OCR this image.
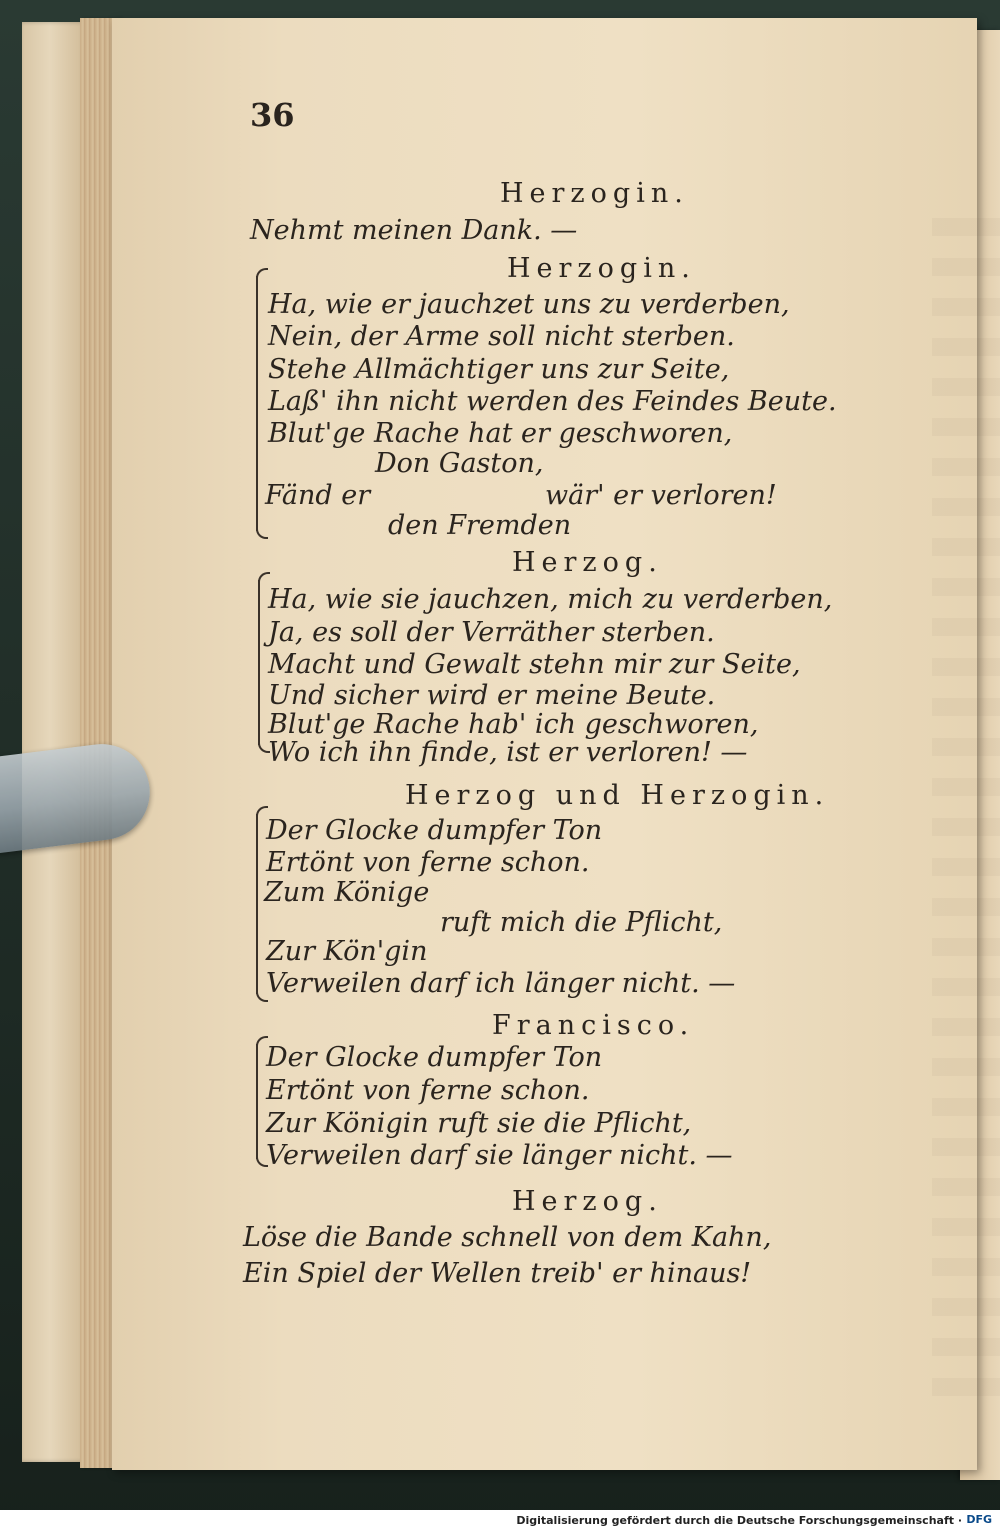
36
Herzogin.
Nehmt meinen Dank. —
Herzogin.
Ha, wie er jauchzet uns zu verderben,
Nein, der Arme soll nicht sterben.
Stehe Allmächtiger uns zur Seite,
Laß' ihn nicht werden des Feindes Beute.
Blut'ge Rache hat er geschworen,
Don Gaston,
Fänd er	wär' er verloren!
den Fremden
Herzog.
Ha, wie sie jauchzen, mich zu verderben,
Ja, es soll der Verräther sterben.
Macht und Gewalt stehn mir zur Seite,
Und sicher wird er meine Beute.
Blut'ge Rache hab' ich geschworen,
Wo ich ihn finde, ist er verloren! —
Herzog und Herzogin.
Der Glocke dumpfer Ton
Ertönt von ferne schon.
Zum Könige
ruft mich die Pflicht,
Zur Kön'gin
Verweilen darf ich länger nicht. —
Francisco.
Der Glocke dumpfer Ton
Ertönt von ferne schon.
Zur Königin ruft sie die Pflicht,
Verweilen darf sie länger nicht. —
Herzog.
Löse die Bande schnell von dem Kahn,
Ein Spiel der Wellen treib' er hinaus!
Digitalisierung gefördert durch die Deutsche Forschungsgemeinschaft · DFG
